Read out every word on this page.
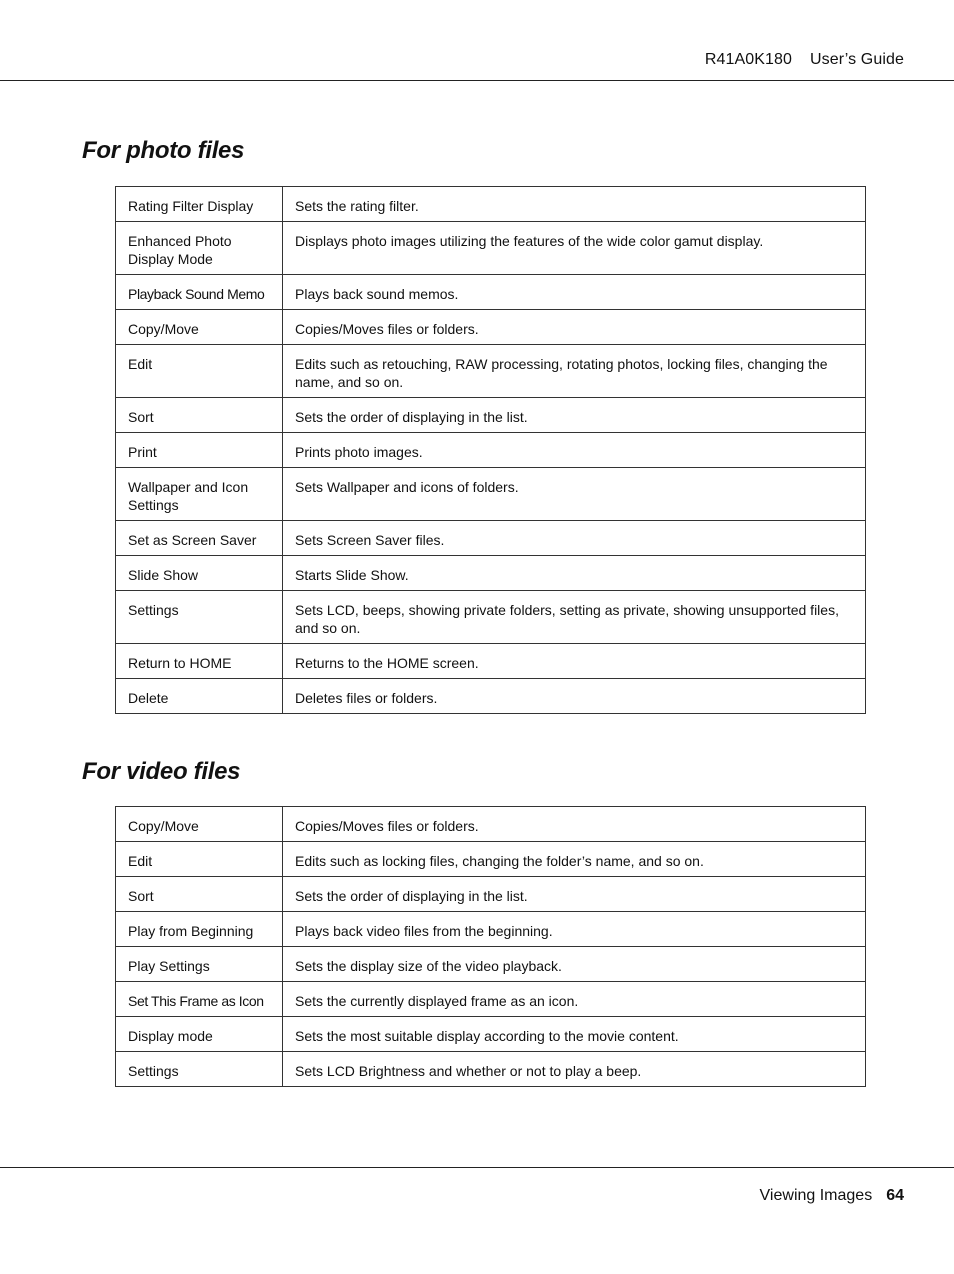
R41A0K180 User’s Guide
For photo files
Rating Filter Display	Sets the rating filter.
Enhanced Photo Display Mode	Displays photo images utilizing the features of the wide color gamut display.
Playback Sound Memo	Plays back sound memos.
Copy/Move	Copies/Moves files or folders.
Edit	Edits such as retouching, RAW processing, rotating photos, locking files, changing the name, and so on.
Sort	Sets the order of displaying in the list.
Print	Prints photo images.
Wallpaper and Icon Settings	Sets Wallpaper and icons of folders.
Set as Screen Saver	Sets Screen Saver files.
Slide Show	Starts Slide Show.
Settings	Sets LCD, beeps, showing private folders, setting as private, showing unsupported files, and so on.
Return to HOME	Returns to the HOME screen.
Delete	Deletes files or folders.
For video files
Copy/Move	Copies/Moves files or folders.
Edit	Edits such as locking files, changing the folder’s name, and so on.
Sort	Sets the order of displaying in the list.
Play from Beginning	Plays back video files from the beginning.
Play Settings	Sets the display size of the video playback.
Set This Frame as Icon	Sets the currently displayed frame as an icon.
Display mode	Sets the most suitable display according to the movie content.
Settings	Sets LCD Brightness and whether or not to play a beep.
Viewing Images 64
